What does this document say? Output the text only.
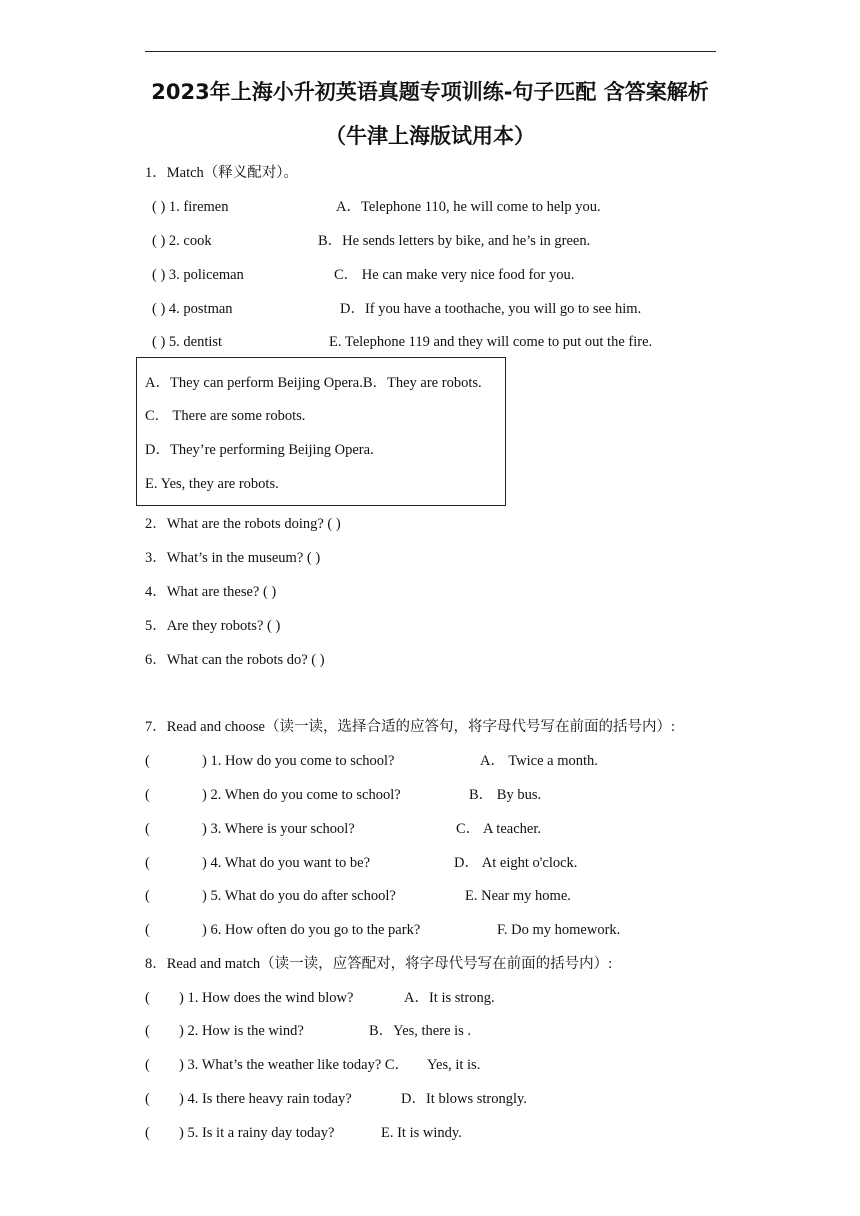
2023年上海小升初英语真题专项训练-句子匹配 含答案解析
（牛津上海版试用本）
1．Match（释义配对）。
( ) 1. firemen	A．Telephone 110, he will come to help you.
( ) 2. cook	B．He sends letters by bike, and he’s in green.
( ) 3. policeman	C． He can make very nice food for you.
( ) 4. postman	D．If you have a toothache, you will go to see him.
( ) 5. dentist	E. Telephone 119 and they will come to put out the fire.
A．They can perform Beijing Opera.B．They are robots.
C． There are some robots.
D．They’re performing Beijing Opera.
E. Yes, they are robots.
2．What are the robots doing? ( )
3．What’s in the museum? ( )
4．What are these? ( )
5．Are they robots? ( )
6．What can the robots do? ( )
7．Read and choose（读一读，选择合适的应答句，将字母代号写在前面的括号内）:
(	) 1. How do you come to school?	A． Twice a month.
(	) 2. When do you come to school?	B． By bus.
(	) 3. Where is your school?	C． A teacher.
(	) 4. What do you want to be?	D． At eight o'clock.
(	) 5. What do you do after school?	E. Near my home.
(	) 6. How often do you go to the park?	F. Do my homework.
8．Read and match（读一读，应答配对，将字母代号写在前面的括号内）:
( ) 1. How does the wind blow?	A．It is strong.
( ) 2. How is the wind?	B．Yes, there is .
( ) 3. What’s the weather like today? C． Yes, it is.
( ) 4. Is there heavy rain today?	D．It blows strongly.
( ) 5. Is it a rainy day today?	E. It is windy.
